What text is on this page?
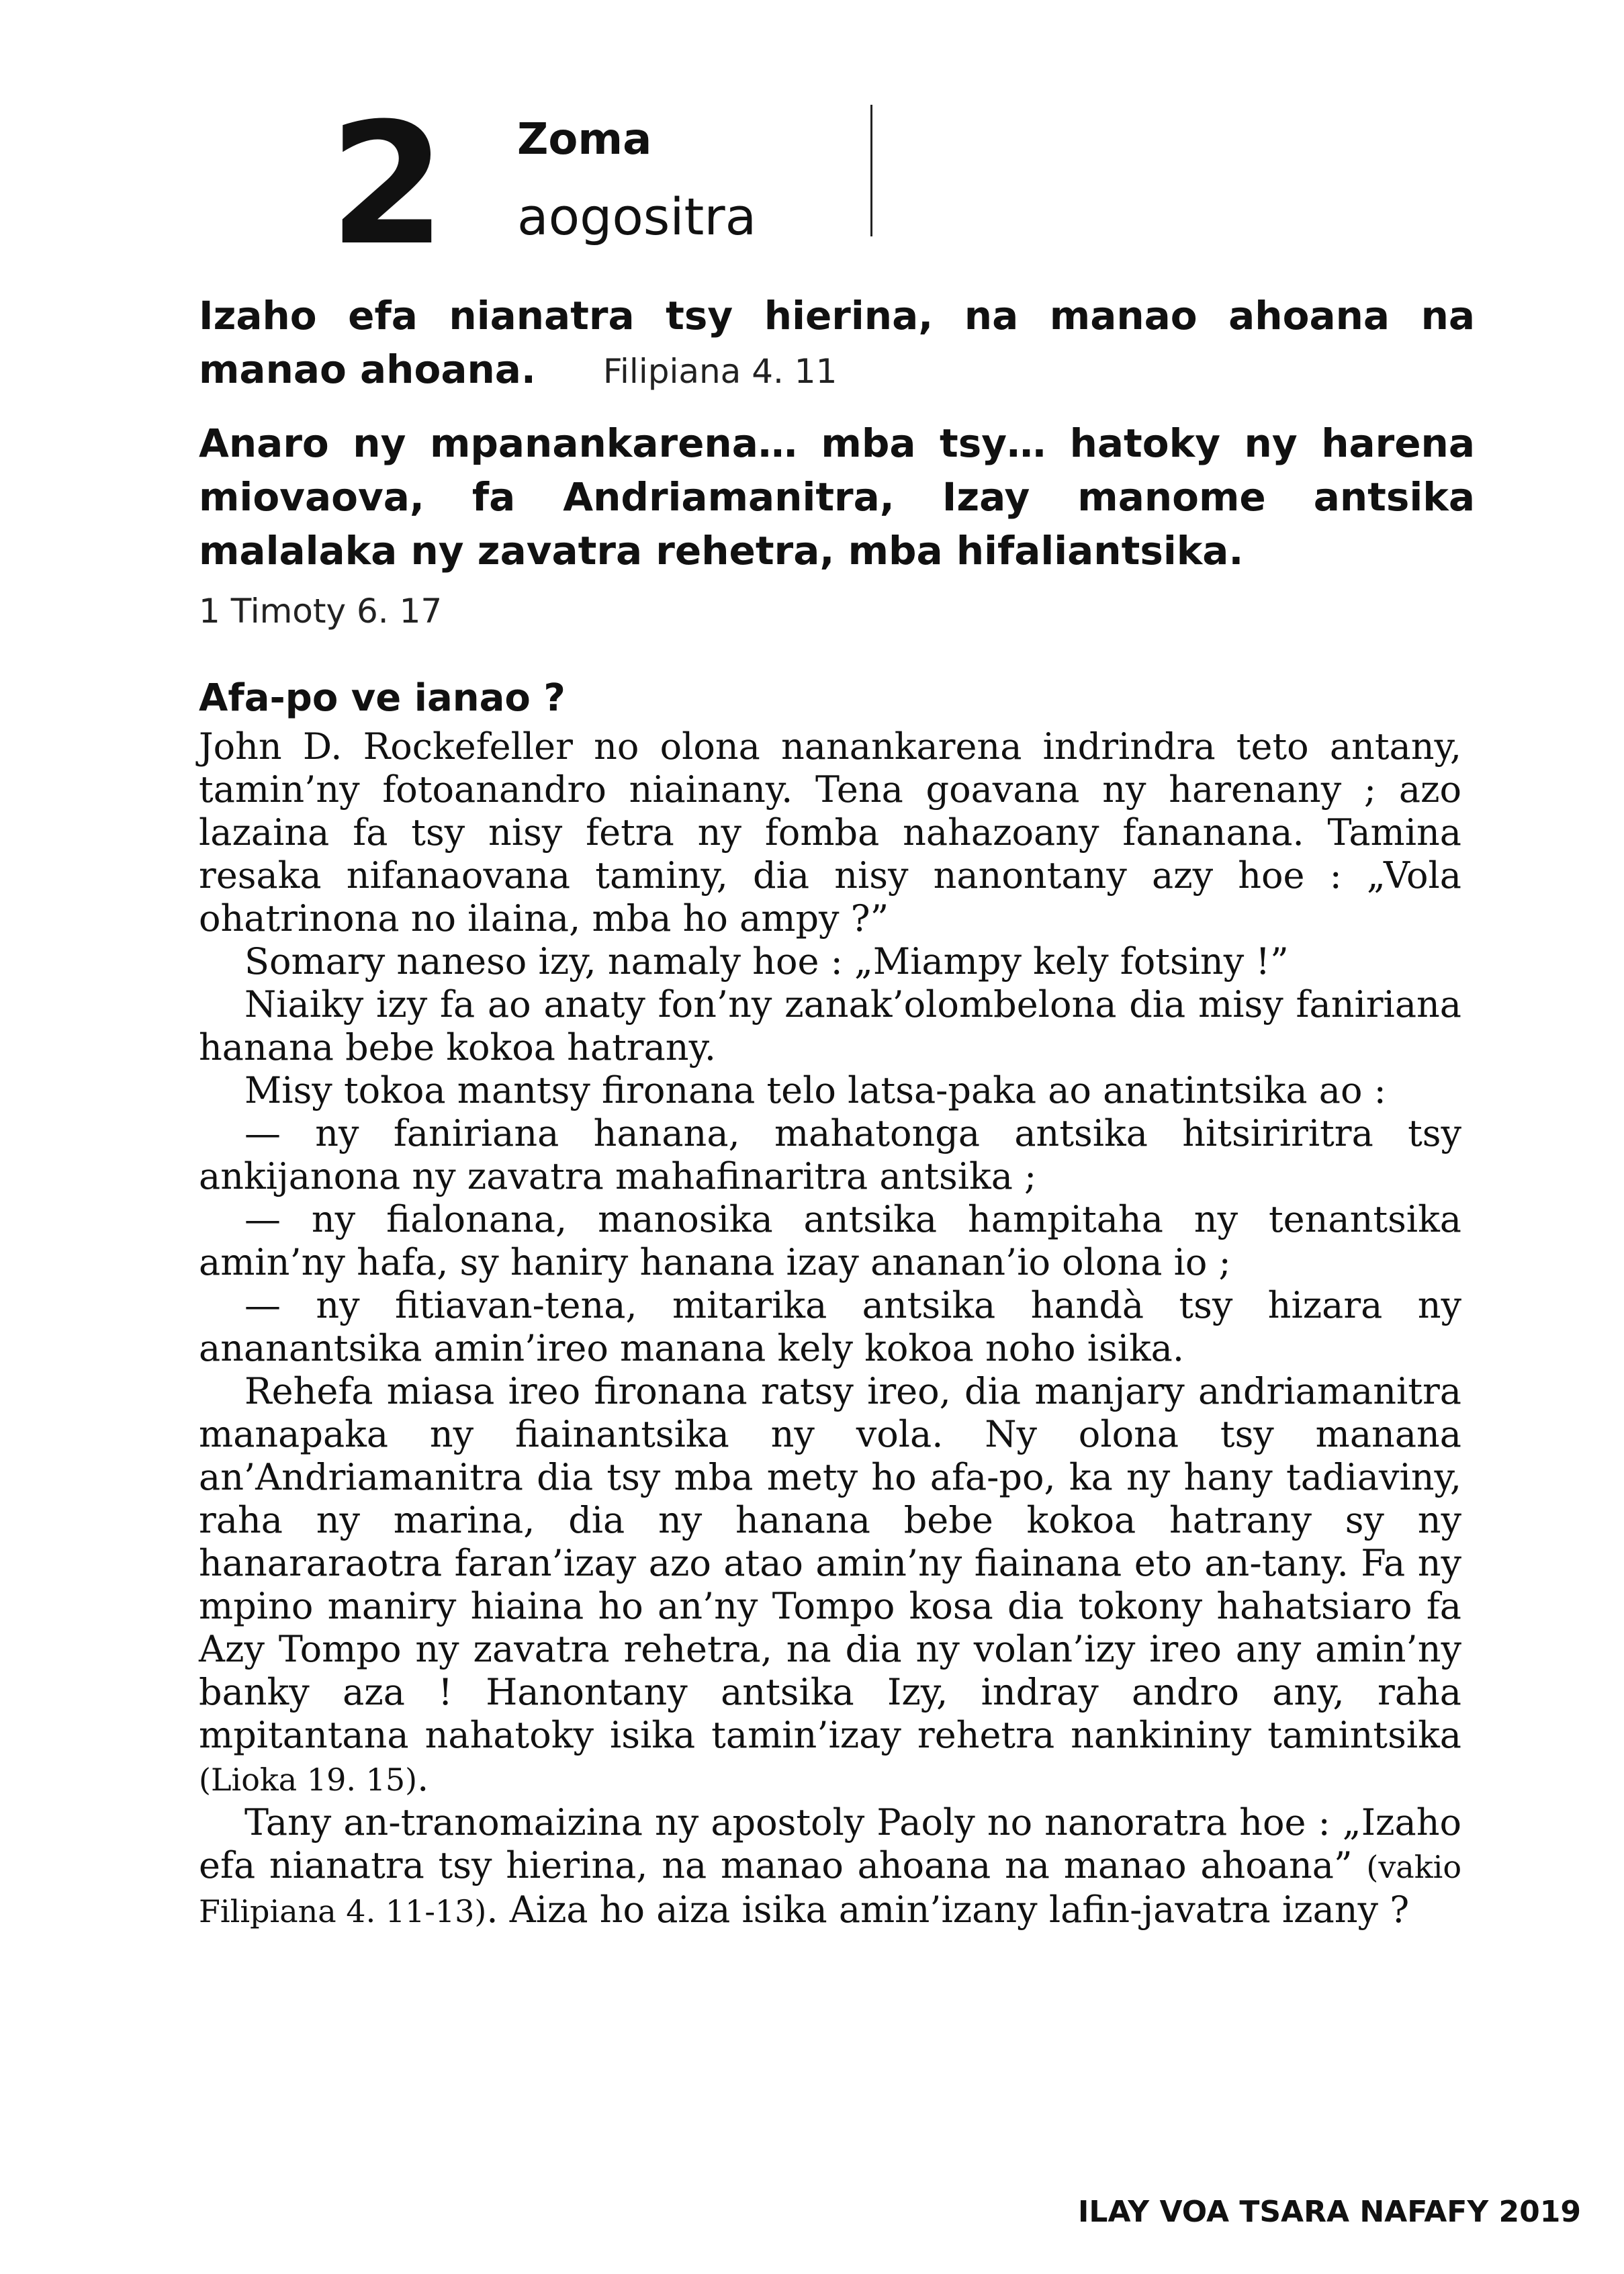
2 Zoma
aogositra
Izaho efa nianatra tsy hierina, na manao ahoana na manao ahoana. Filipiana 4. 11
Anaro ny mpanankarena… mba tsy… hatoky ny harena miovaova, fa Andriamanitra, Izay manome antsika malalaka ny zavatra rehetra, mba hifaliantsika.
1 Timoty 6. 17
Afa-po ve ianao ?

John D. Rockefeller no olona nanankarena indrindra teto antany, tamin’ny fotoanandro niainany. Tena goavana ny harenany ; azo lazaina fa tsy nisy fetra ny fomba nahazoany fananana. Tamina resaka nifanaovana taminy, dia nisy nanontany azy hoe : „Vola ohatrinona no ilaina, mba ho ampy ?”

Somary naneso izy, namaly hoe : „Miampy kely fotsiny !”

Niaiky izy fa ao anaty fon’ny zanak’olombelona dia misy faniriana hanana bebe kokoa hatrany.

Misy tokoa mantsy fironana telo latsa-paka ao anatintsika ao :

— ny faniriana hanana, mahatonga antsika hitsiriritra tsy ankijanona ny zavatra mahafinaritra antsika ;

— ny fialonana, manosika antsika hampitaha ny tenantsika amin’ny hafa, sy haniry hanana izay ananan’io olona io ;

— ny fitiavan-tena, mitarika antsika handà tsy hizara ny ananantsika amin’ireo manana kely kokoa noho isika.

Rehefa miasa ireo fironana ratsy ireo, dia manjary andriamanitra manapaka ny fiainantsika ny vola. Ny olona tsy manana an’Andriamanitra dia tsy mba mety ho afa-po, ka ny hany tadiaviny, raha ny marina, dia ny hanana bebe kokoa hatrany sy ny hanararaotra faran’izay azo atao amin’ny fiainana eto an-tany. Fa ny mpino maniry hiaina ho an’ny Tompo kosa dia tokony hahatsiaro fa Azy Tompo ny zavatra rehetra, na dia ny volan’izy ireo any amin’ny banky aza ! Hanontany antsika Izy, indray andro any, raha mpitantana nahatoky isika tamin’izay rehetra nankininy tamintsika (Lioka 19. 15).

Tany an-tranomaizina ny apostoly Paoly no nanoratra hoe : „Izaho efa nianatra tsy hierina, na manao ahoana na manao ahoana” (vakio Filipiana 4. 11-13). Aiza ho aiza isika amin’izany lafin-javatra izany ?

ILAY VOA TSARA NAFAFY 2019
